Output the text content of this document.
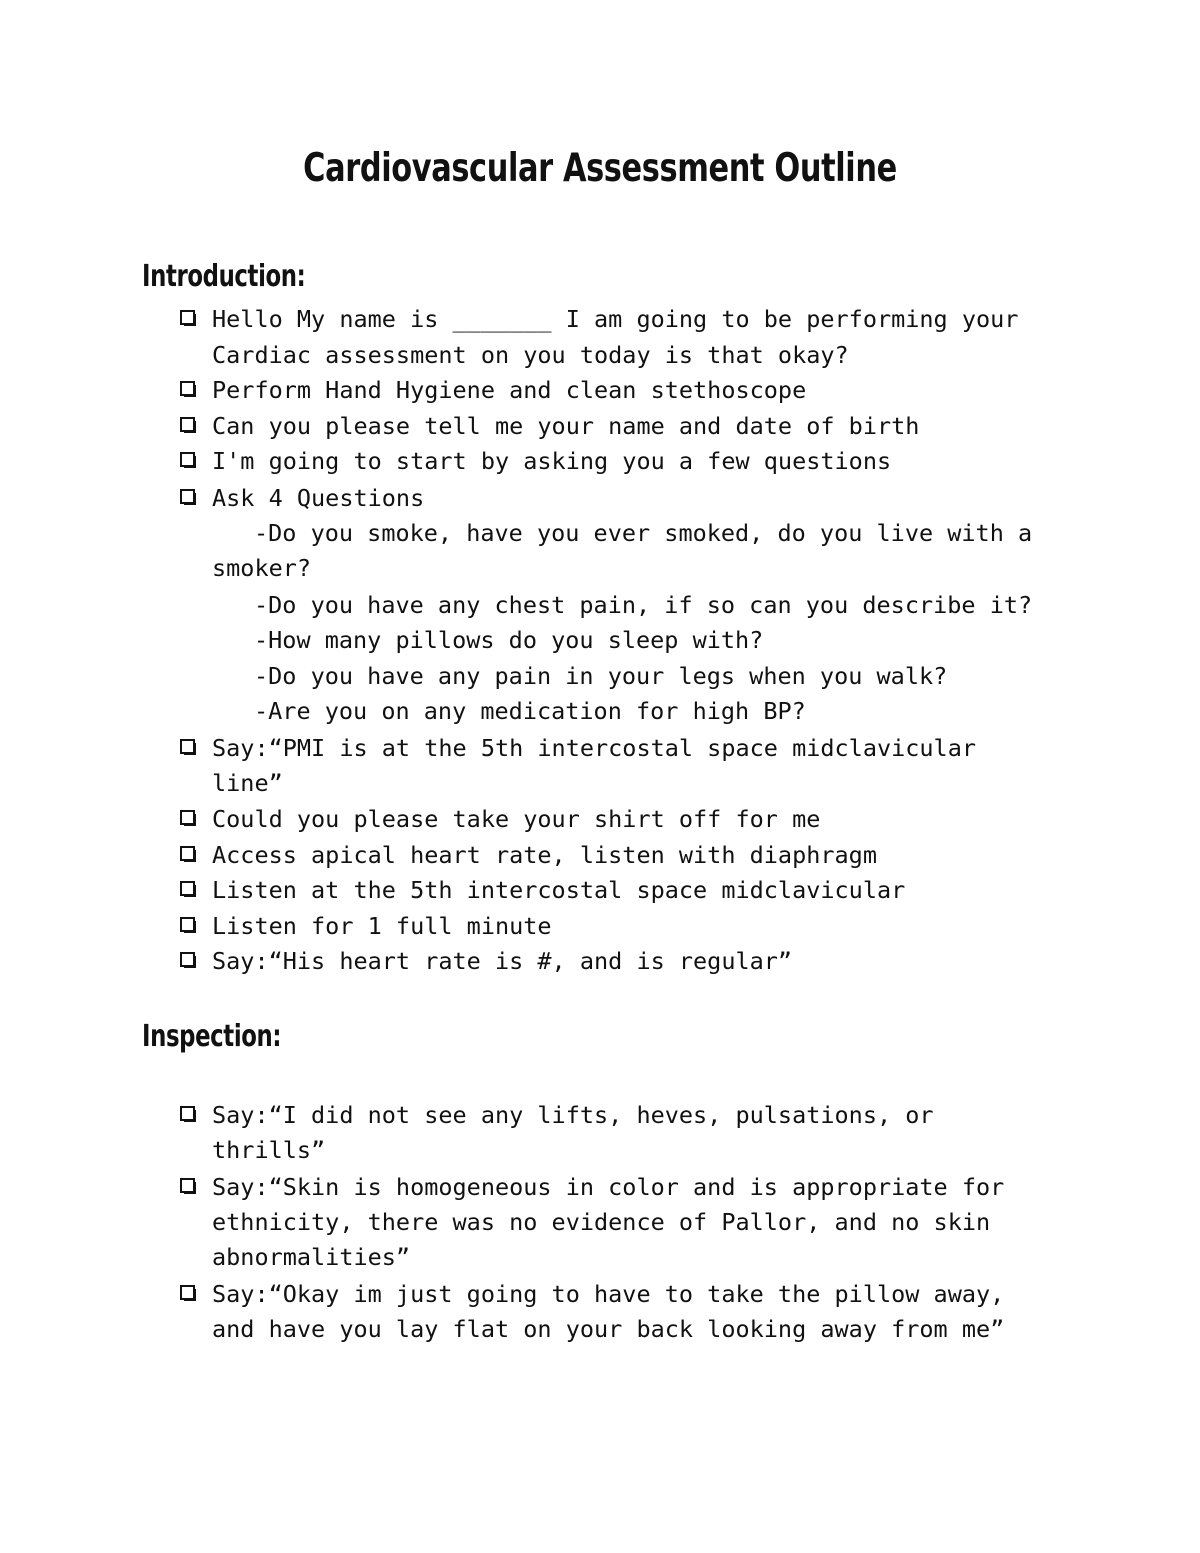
Cardiovascular Assessment Outline
Introduction:
Hello My name is _______ I am going to be performing your
Cardiac assessment on you today is that okay?
Perform Hand Hygiene and clean stethoscope
Can you please tell me your name and date of birth
I'm going to start by asking you a few questions
Ask 4 Questions
-Do you smoke, have you ever smoked, do you live with a
smoker?
-Do you have any chest pain, if so can you describe it?
-How many pillows do you sleep with?
-Do you have any pain in your legs when you walk?
-Are you on any medication for high BP?
Say:“PMI is at the 5th intercostal space midclavicular
line”
Could you please take your shirt off for me
Access apical heart rate, listen with diaphragm
Listen at the 5th intercostal space midclavicular
Listen for 1 full minute
Say:“His heart rate is #, and is regular”
Inspection:
Say:“I did not see any lifts, heves, pulsations, or
thrills”
Say:“Skin is homogeneous in color and is appropriate for
ethnicity, there was no evidence of Pallor, and no skin
abnormalities”
Say:“Okay im just going to have to take the pillow away,
and have you lay flat on your back looking away from me”
